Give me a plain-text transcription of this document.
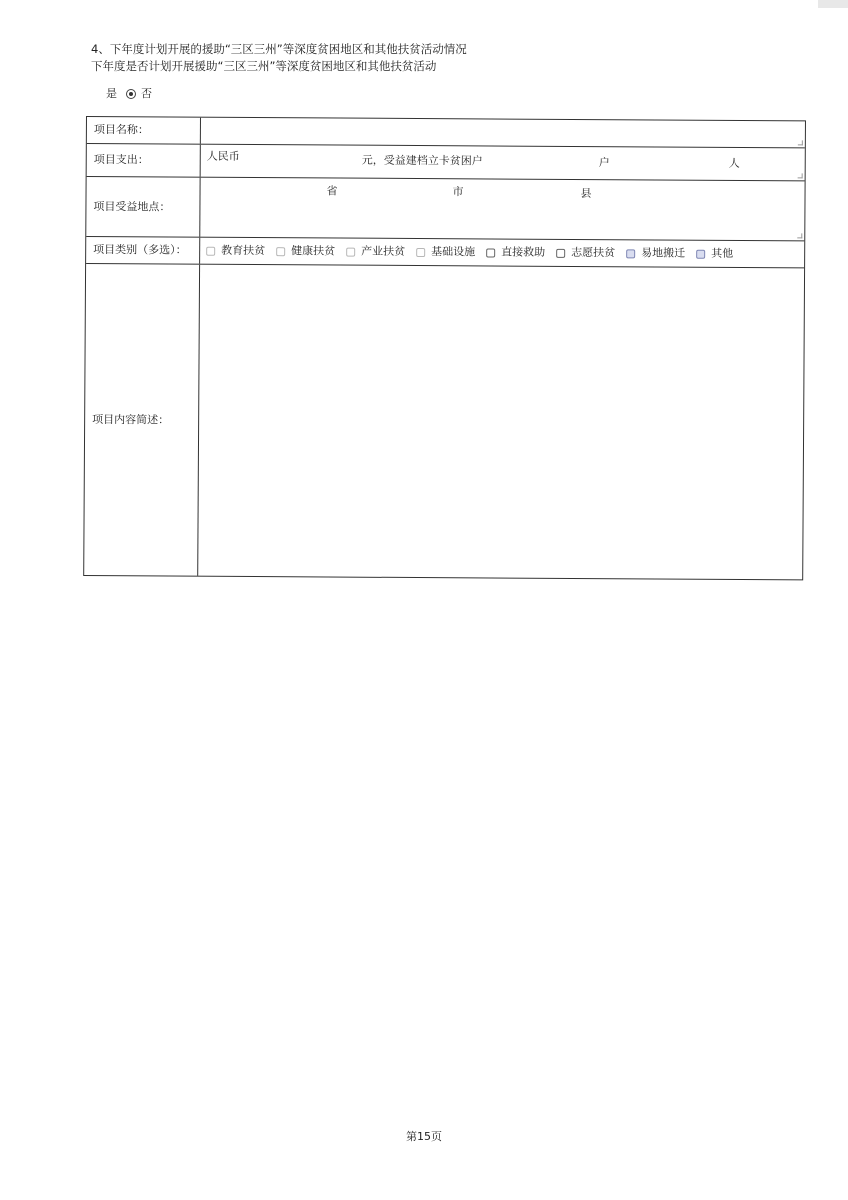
4、下年度计划开展的援助“三区三州”等深度贫困地区和其他扶贫活动情况
下年度是否计划开展援助“三区三州”等深度贫困地区和其他扶贫活动
是 否
项目名称：
项目支出：	人民币	元，受益建档立卡贫困户	户	人
项目受益地点：
省	市	县
项目类别（多选）：	教育扶贫 健康扶贫 产业扶贫 基础设施 直接救助 志愿扶贫 易地搬迁 其他
项目内容简述：
第15页
